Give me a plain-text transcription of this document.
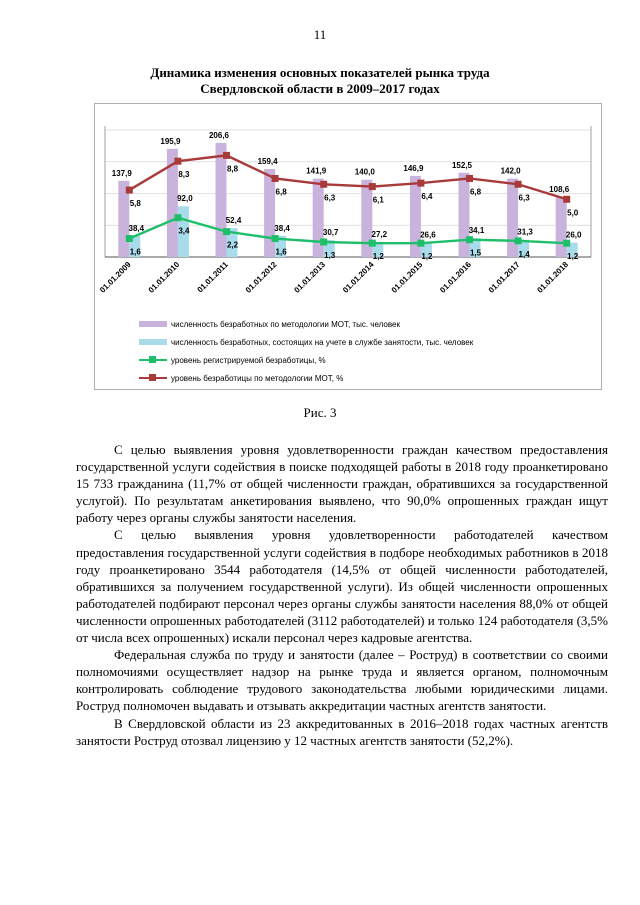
11
Динамика изменения основных показателей рынка труда
Свердловской области в 2009–2017 годах
137,9
38,4
01.01.2009
195,9
92,0
01.01.2010
206,6
52,4
01.01.2011
159,4
38,4
01.01.2012
141,9
30,7
01.01.2013
140,0
27,2
01.01.2014
146,9
26,6
01.01.2015
152,5
34,1
01.01.2016
142,0
31,3
01.01.2017
108,6
26,0
01.01.2018
5,8
8,3
8,8
6,8
6,3	6,1	6,4
6,8
6,3
5,0
1,6
3,4
2,2
1,6	1,3	1,2	1,2	1,5	1,4	1,2
численность безработных по методологии МОТ, тыс. человек
численность безработных, состоящих на учете в службе занятости, тыс. человек
уровень регистрируемой безработицы, %
уровень безработицы по методологии МОТ, %
Рис. 3

С целью выявления уровня удовлетворенности граждан качеством предоставления государственной услуги содействия в поиске подходящей работы в 2018 году проанкетировано 15 733 гражданина (11,7% от общей численности граждан, обратившихся за государственной услугой). По результатам анкетирования выявлено, что 90,0% опрошенных граждан ищут работу через органы службы занятости населения.

С целью выявления уровня удовлетворенности работодателей качеством предоставления государственной услуги содействия в подборе необходимых работников в 2018 году проанкетировано 3544 работодателя (14,5% от общей численности работодателей, обратившихся за получением государственной услуги). Из общей численности опрошенных работодателей подбирают персонал через органы службы занятости населения 88,0% от общей численности опрошенных работодателей (3112 работодателей) и только 124 работодателя (3,5% от числа всех опрошенных) искали персонал через кадровые агентства.

Федеральная служба по труду и занятости (далее – Роструд) в соответствии со своими полномочиями осуществляет надзор на рынке труда и является органом, полномочным контролировать соблюдение трудового законодательства любыми юридическими лицами. Роструд полномочен выдавать и отзывать аккредитации частных агентств занятости.

В Свердловской области из 23 аккредитованных в 2016–2018 годах частных агентств занятости Роструд отозвал лицензию у 12 частных агентств занятости (52,2%).
